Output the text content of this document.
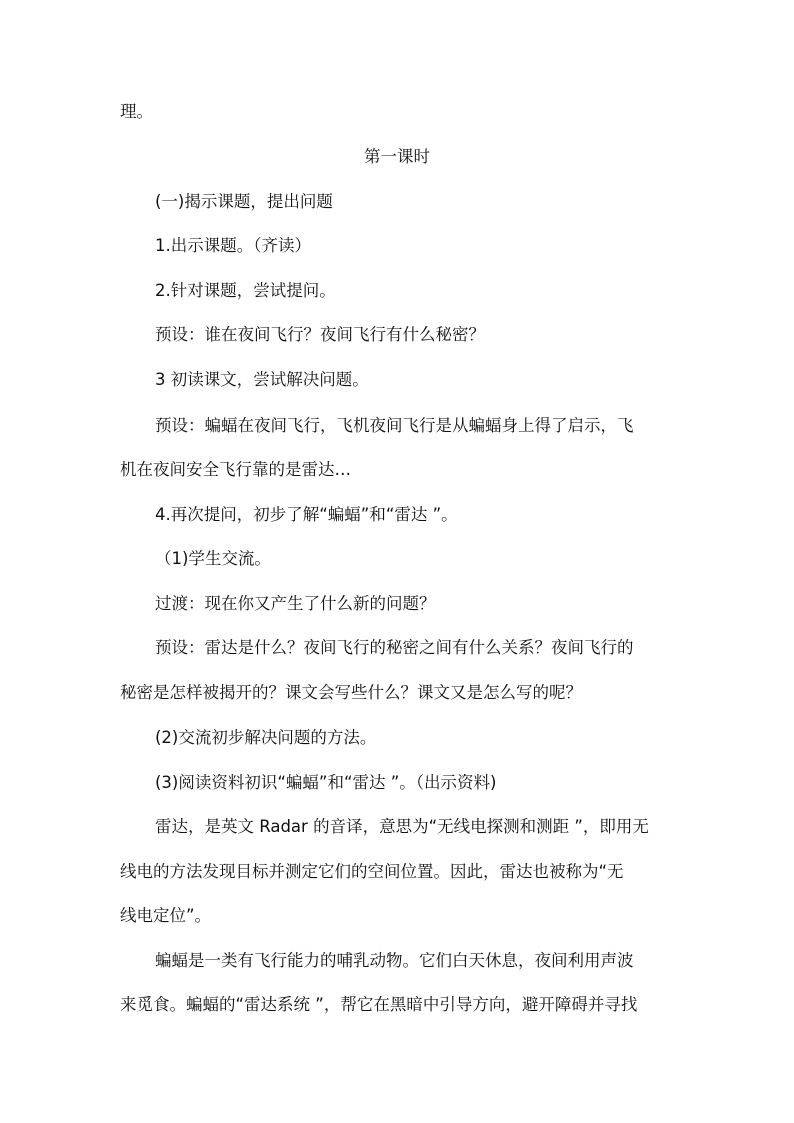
理。
第一课时
(一)揭示课题，提出问题
1.出示课题。（齐读）
2.针对课题，尝试提问。
预设：谁在夜间飞行？夜间飞行有什么秘密？
3 初读课文，尝试解决问题。
预设：蝙蝠在夜间飞行，飞机夜间飞行是从蝙蝠身上得了启示，飞
机在夜间安全飞行靠的是雷达…
4.再次提问，初步了解“蝙蝠”和“雷达 ”。
（1)学生交流。
过渡：现在你又产生了什么新的问题？
预设：雷达是什么？夜间飞行的秘密之间有什么关系？夜间飞行的
秘密是怎样被揭开的？课文会写些什么？课文又是怎么写的呢？
(2)交流初步解决问题的方法。
(3)阅读资料初识“蝙蝠”和“雷达 ”。（出示资料)
雷达，是英文 Radar 的音译，意思为“无线电探测和测距 ”，即用无
线电的方法发现目标并测定它们的空间位置。因此，雷达也被称为“无
线电定位”。
蝙蝠是一类有飞行能力的哺乳动物。它们白天休息，夜间利用声波
来觅食。蝙蝠的“雷达系统 ”，帮它在黑暗中引导方向，避开障碍并寻找
